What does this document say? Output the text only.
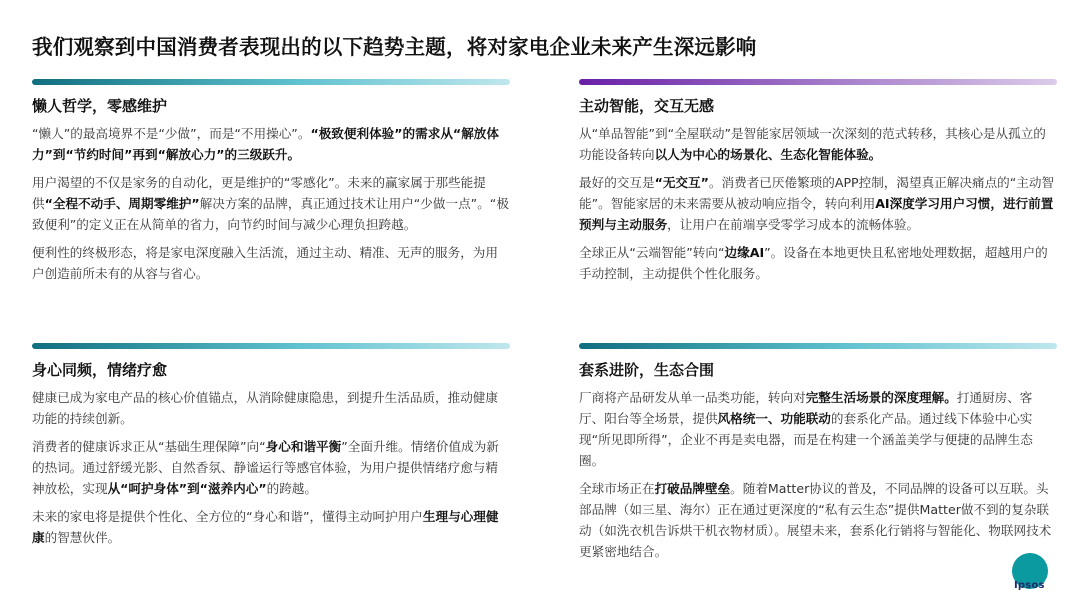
我们观察到中国消费者表现出的以下趋势主题，将对家电企业未来产生深远影响
懒人哲学，零感维护

“懒人”的最高境界不是“少做”，而是“不用操心”。“极致便利体验”的需求从“解放体力”到“节约时间”再到“解放心力”的三级跃升。

用户渴望的不仅是家务的自动化，更是维护的“零感化”。未来的赢家属于那些能提供“全程不动手、周期零维护”解决方案的品牌，真正通过技术让用户“少做一点”。“极致便利”的定义正在从简单的省力，向节约时间与减少心理负担跨越。

便利性的终极形态，将是家电深度融入生活流，通过主动、精准、无声的服务，为用户创造前所未有的从容与省心。

主动智能，交互无感

从“单品智能”到“全屋联动”是智能家居领域一次深刻的范式转移，其核心是从孤立的功能设备转向以人为中心的场景化、生态化智能体验。

最好的交互是“无交互”。消费者已厌倦繁琐的APP控制，渴望真正解决痛点的“主动智能”。智能家居的未来需要从被动响应指令，转向利用AI深度学习用户习惯，进行前置预判与主动服务，让用户在前端享受零学习成本的流畅体验。

全球正从“云端智能”转向“边缘AI”。设备在本地更快且私密地处理数据，超越用户的手动控制，主动提供个性化服务。

身心同频，情绪疗愈

健康已成为家电产品的核心价值锚点，从消除健康隐患，到提升生活品质，推动健康功能的持续创新。

消费者的健康诉求正从“基础生理保障”向“身心和谐平衡”全面升维。情绪价值成为新的热词。通过舒缓光影、自然香氛、静谧运行等感官体验，为用户提供情绪疗愈与精神放松，实现从“呵护身体”到“滋养内心”的跨越。

未来的家电将是提供个性化、全方位的“身心和谐”，懂得主动呵护用户生理与心理健康的智慧伙伴。

套系进阶，生态合围

厂商将产品研发从单一品类功能，转向对完整生活场景的深度理解。打通厨房、客厅、阳台等全场景，提供风格统一、功能联动的套系化产品。通过线下体验中心实现“所见即所得”，企业不再是卖电器，而是在构建一个涵盖美学与便捷的品牌生态圈。

全球市场正在打破品牌壁垒。随着Matter协议的普及，不同品牌的设备可以互联。头部品牌（如三星、海尔）正在通过更深度的“私有云生态”提供Matter做不到的复杂联动（如洗衣机告诉烘干机衣物材质）。展望未来，套系化行销将与智能化、物联网技术更紧密地结合。

Ipsos
